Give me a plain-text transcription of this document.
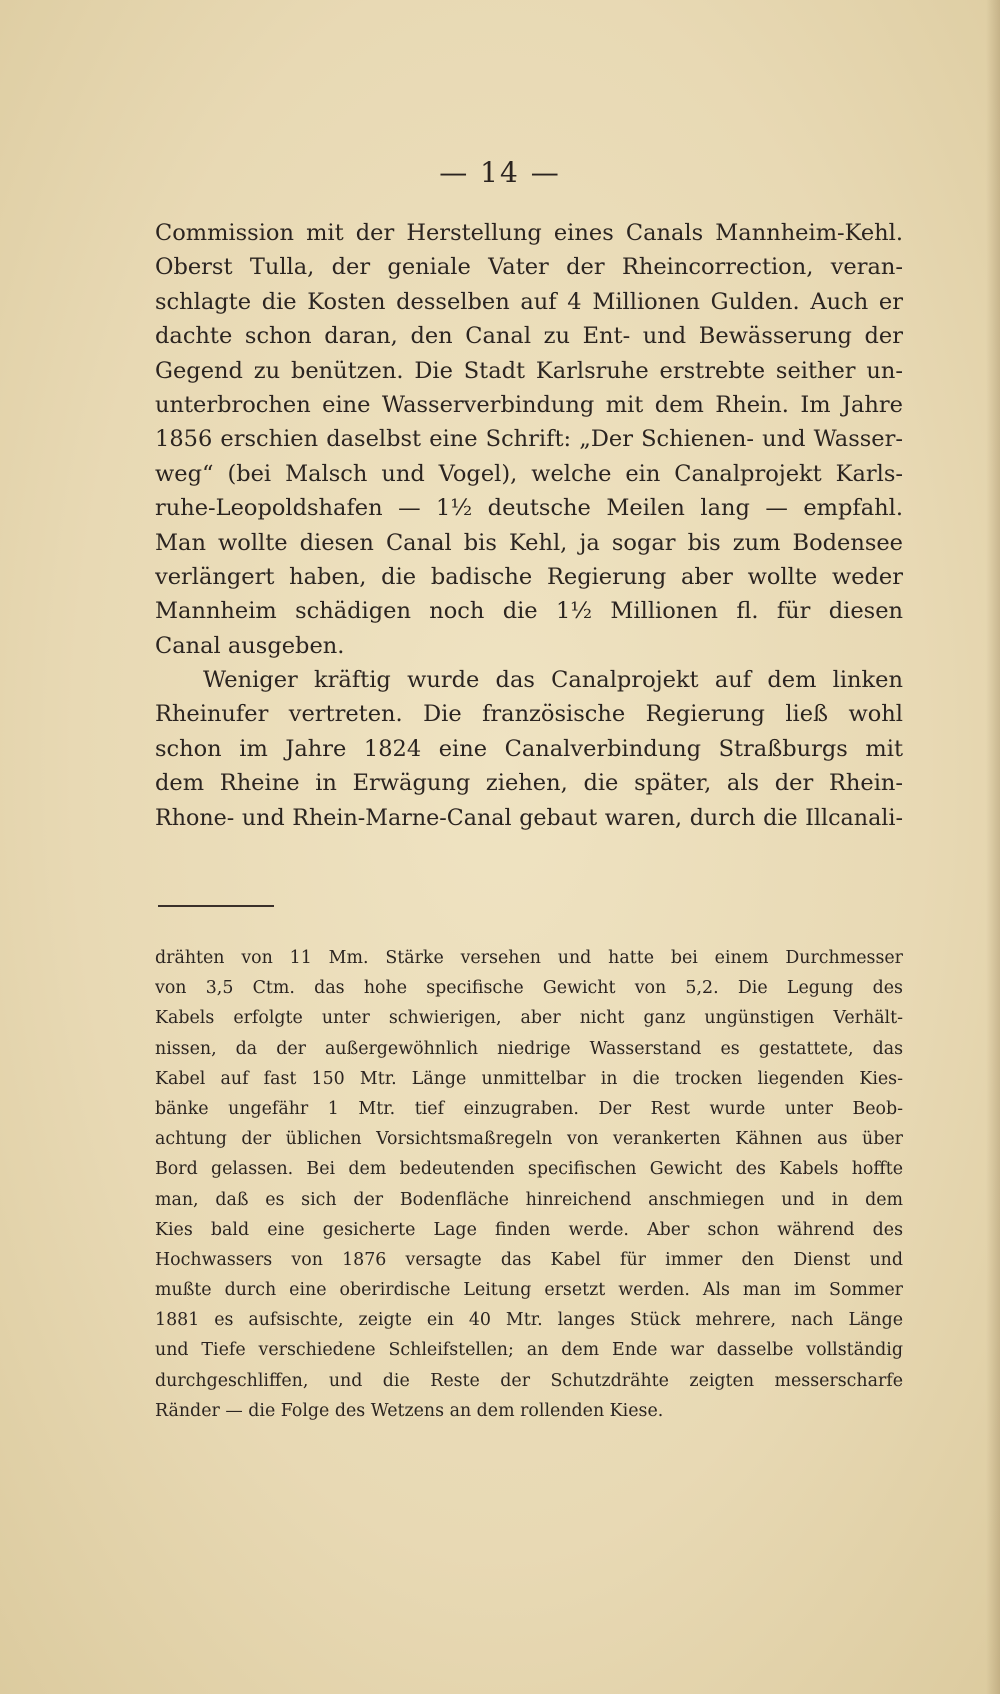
— 14 —
Commission mit der Herstellung eines Canals Mannheim-Kehl.
Oberst Tulla, der geniale Vater der Rheincorrection, veran-
schlagte die Kosten desselben auf 4 Millionen Gulden. Auch er
dachte schon daran, den Canal zu Ent- und Bewässerung der
Gegend zu benützen. Die Stadt Karlsruhe erstrebte seither un-
unterbrochen eine Wasserverbindung mit dem Rhein. Im Jahre
1856 erschien daselbst eine Schrift: „Der Schienen- und Wasser-
weg“ (bei Malsch und Vogel), welche ein Canalprojekt Karls-
ruhe-Leopoldshafen — 1½ deutsche Meilen lang — empfahl.
Man wollte diesen Canal bis Kehl, ja sogar bis zum Bodensee
verlängert haben, die badische Regierung aber wollte weder
Mannheim schädigen noch die 1½ Millionen fl. für diesen
Canal ausgeben.
Weniger kräftig wurde das Canalprojekt auf dem linken
Rheinufer vertreten. Die französische Regierung ließ wohl
schon im Jahre 1824 eine Canalverbindung Straßburgs mit
dem Rheine in Erwägung ziehen, die später, als der Rhein-
Rhone- und Rhein-Marne-Canal gebaut waren, durch die Illcanali-
drähten von 11 Mm. Stärke versehen und hatte bei einem Durchmesser
von 3,5 Ctm. das hohe specifische Gewicht von 5,2. Die Legung des
Kabels erfolgte unter schwierigen, aber nicht ganz ungünstigen Verhält-
nissen, da der außergewöhnlich niedrige Wasserstand es gestattete, das
Kabel auf fast 150 Mtr. Länge unmittelbar in die trocken liegenden Kies-
bänke ungefähr 1 Mtr. tief einzugraben. Der Rest wurde unter Beob-
achtung der üblichen Vorsichtsmaßregeln von verankerten Kähnen aus über
Bord gelassen. Bei dem bedeutenden specifischen Gewicht des Kabels hoffte
man, daß es sich der Bodenfläche hinreichend anschmiegen und in dem
Kies bald eine gesicherte Lage finden werde. Aber schon während des
Hochwassers von 1876 versagte das Kabel für immer den Dienst und
mußte durch eine oberirdische Leitung ersetzt werden. Als man im Sommer
1881 es aufsischte, zeigte ein 40 Mtr. langes Stück mehrere, nach Länge
und Tiefe verschiedene Schleifstellen; an dem Ende war dasselbe vollständig
durchgeschliffen, und die Reste der Schutzdrähte zeigten messerscharfe
Ränder — die Folge des Wetzens an dem rollenden Kiese.
